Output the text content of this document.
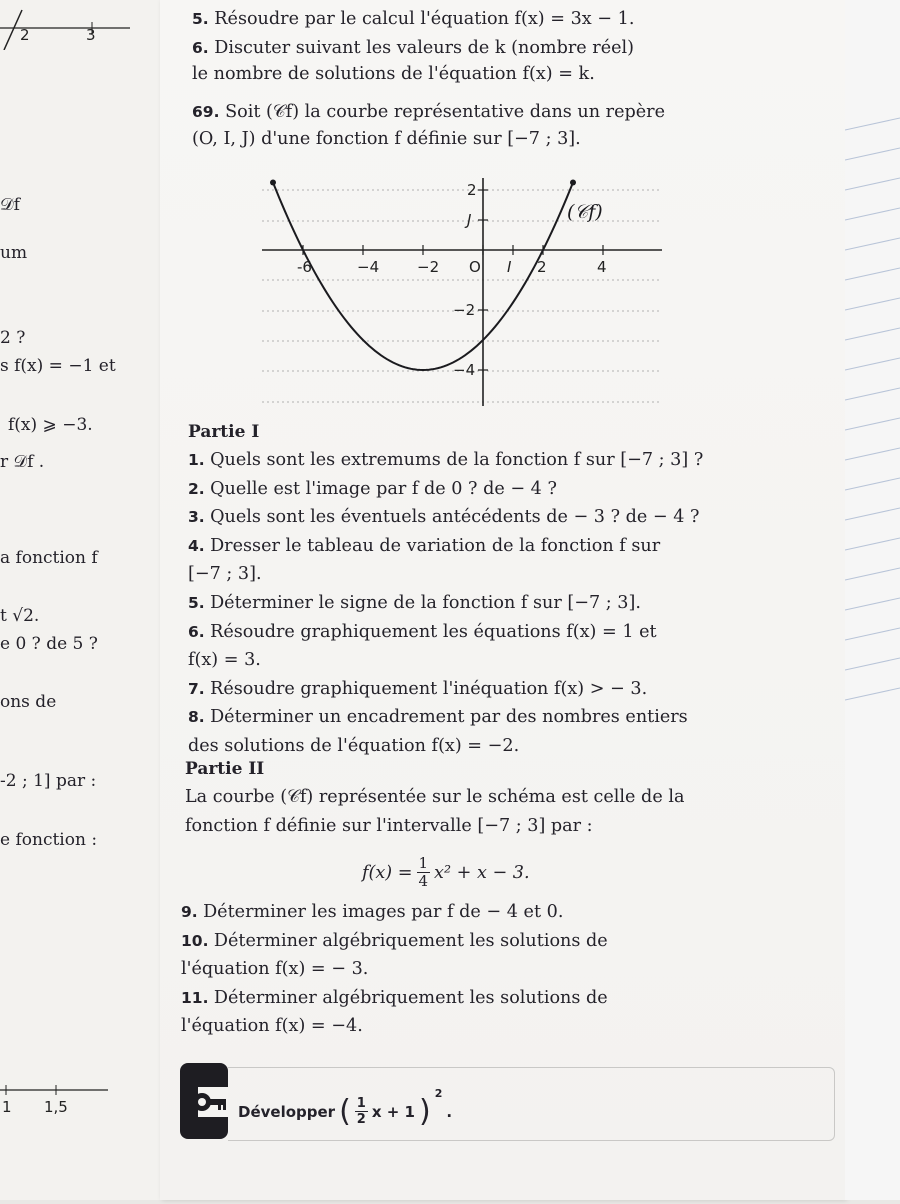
2	3
𝒟f
um
2 ?
s f(x) = −1 et
f(x) ⩾ −3.
r 𝒟f .
a fonction f
t √2.
e 0 ? de 5 ?
ons de
-2 ; 1] par :
e fonction :
1 1,5
5. Résoudre par le calcul l'équation f(x) = 3x − 1.
6. Discuter suivant les valeurs de k (nombre réel)
le nombre de solutions de l'équation f(x) = k.
69. Soit (𝒞f) la courbe représentative dans un repère
(O, I, J) d'une fonction f définie sur [−7 ; 3].
-6	−4	−2 O I 2	4
2
J
−2
−4
(𝒞f)
Partie I
1. Quels sont les extremums de la fonction f sur [−7 ; 3] ?
2. Quelle est l'image par f de 0 ? de − 4 ?
3. Quels sont les éventuels antécédents de − 3 ? de − 4 ?
4. Dresser le tableau de variation de la fonction f sur
[−7 ; 3].
5. Déterminer le signe de la fonction f sur [−7 ; 3].
6. Résoudre graphiquement les équations f(x) = 1 et
f(x) = 3.
7. Résoudre graphiquement l'inéquation f(x) > − 3.
8. Déterminer un encadrement par des nombres entiers
des solutions de l'équation f(x) = −2.
Partie II
La courbe (𝒞f) représentée sur le schéma est celle de la
fonction f définie sur l'intervalle [−7 ; 3] par :
$f(x) = \frac{1}{4} x^2 + x - 3$.
9. Déterminer les images par f de − 4 et 0.
10. Déterminer algébriquement les solutions de
l'équation f(x) = − 3.
11. Déterminer algébriquement les solutions de
l'équation f(x) = −4.
Développer ( $\frac{1}{2}$ x + 1 ) 2
.
